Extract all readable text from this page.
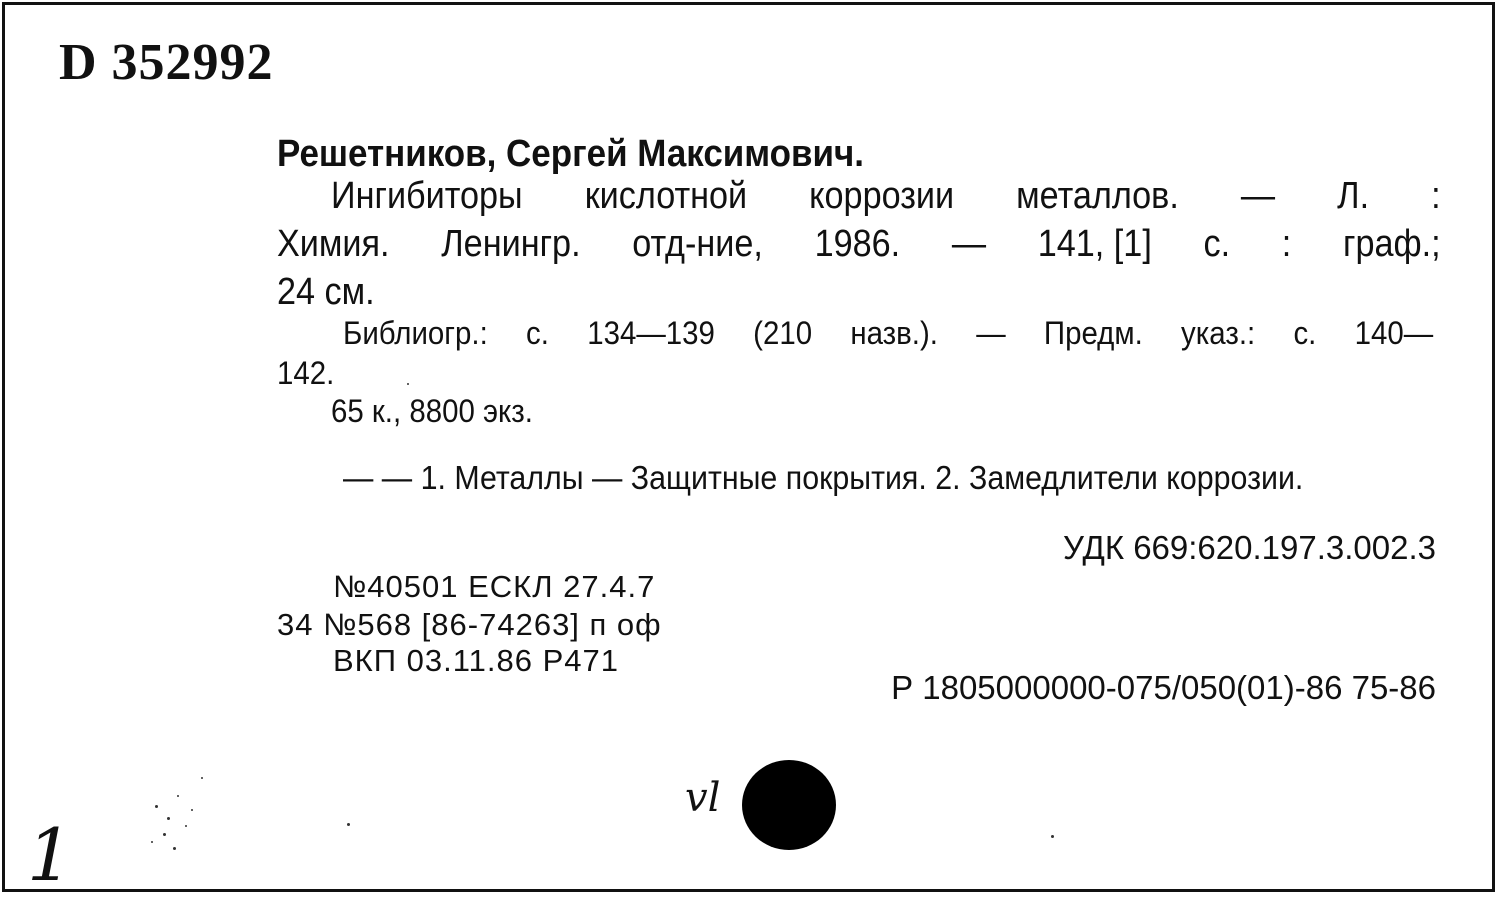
D 352992
Решетников, Сергей Максимович.
Ингибиторы кислотной коррозии металлов. — Л. :
Химия. Ленингр. отд-ние, 1986. — 141, [1] с. : граф.;
24 см.
Библиогр.: с. 134—139 (210 назв.). — Предм. указ.: с. 140—
142.
65 к., 8800 экз.
— — 1. Металлы — Защитные покрытия. 2. Замедлители коррозии.
УДК 669:620.197.3.002.3
№40501 ЕСКЛ 27.4.7
34 №568 [86-74263] п оф
ВКП 03.11.86 Р471
Р 1805000000-075/050(01)-86 75-86
vl
1
